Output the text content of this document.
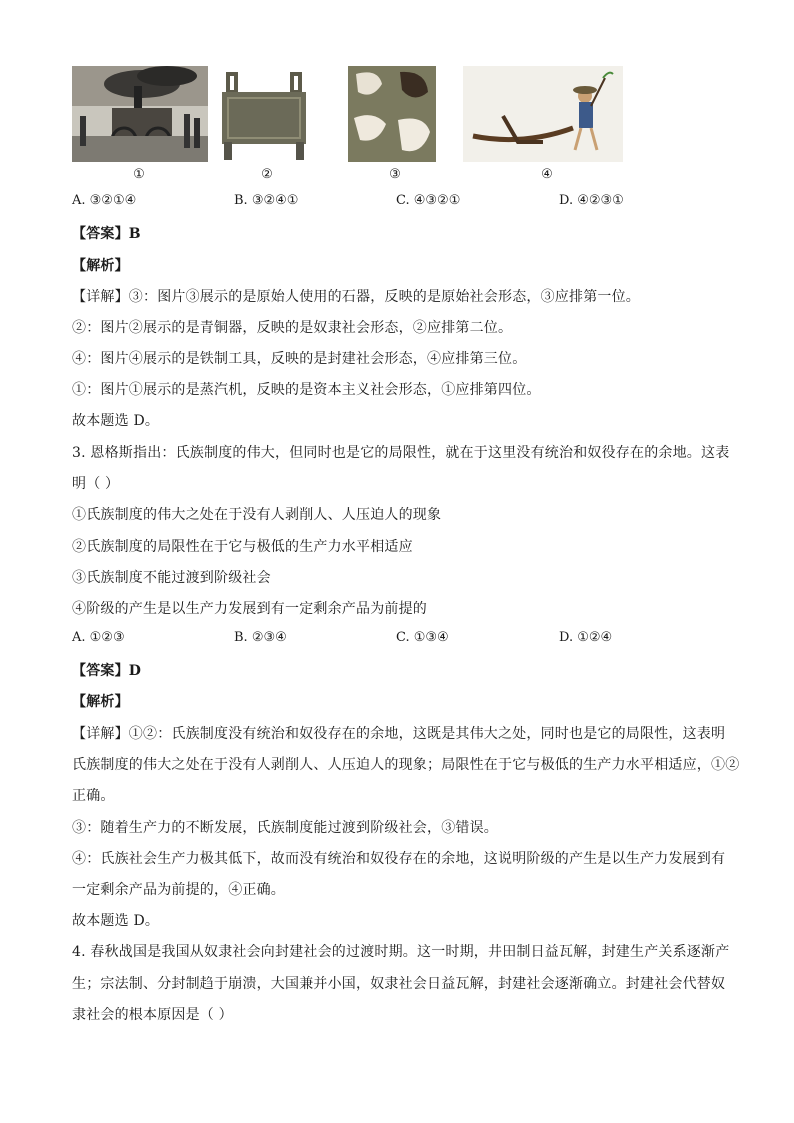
①	②	③	④
A. ③②①④	B. ③②④①	C. ④③②①	D. ④②③①
【答案】B
【解析】
【详解】③：图片③展示的是原始人使用的石器，反映的是原始社会形态，③应排第一位。
②：图片②展示的是青铜器，反映的是奴隶社会形态，②应排第二位。
④：图片④展示的是铁制工具，反映的是封建社会形态，④应排第三位。
①：图片①展示的是蒸汽机，反映的是资本主义社会形态，①应排第四位。
故本题选 D。
3. 恩格斯指出：氏族制度的伟大，但同时也是它的局限性，就在于这里没有统治和奴役存在的余地。这表
明（ ）
①氏族制度的伟大之处在于没有人剥削人、人压迫人的现象
②氏族制度的局限性在于它与极低的生产力水平相适应
③氏族制度不能过渡到阶级社会
④阶级的产生是以生产力发展到有一定剩余产品为前提的
A. ①②③	B. ②③④	C. ①③④	D. ①②④
【答案】D
【解析】
【详解】①②：氏族制度没有统治和奴役存在的余地，这既是其伟大之处，同时也是它的局限性，这表明
氏族制度的伟大之处在于没有人剥削人、人压迫人的现象；局限性在于它与极低的生产力水平相适应，①②
正确。
③：随着生产力的不断发展，氏族制度能过渡到阶级社会，③错误。
④：氏族社会生产力极其低下，故而没有统治和奴役存在的余地，这说明阶级的产生是以生产力发展到有
一定剩余产品为前提的，④正确。
故本题选 D。
4. 春秋战国是我国从奴隶社会向封建社会的过渡时期。这一时期，井田制日益瓦解，封建生产关系逐渐产
生；宗法制、分封制趋于崩溃，大国兼并小国，奴隶社会日益瓦解，封建社会逐渐确立。封建社会代替奴
隶社会的根本原因是（ ）
